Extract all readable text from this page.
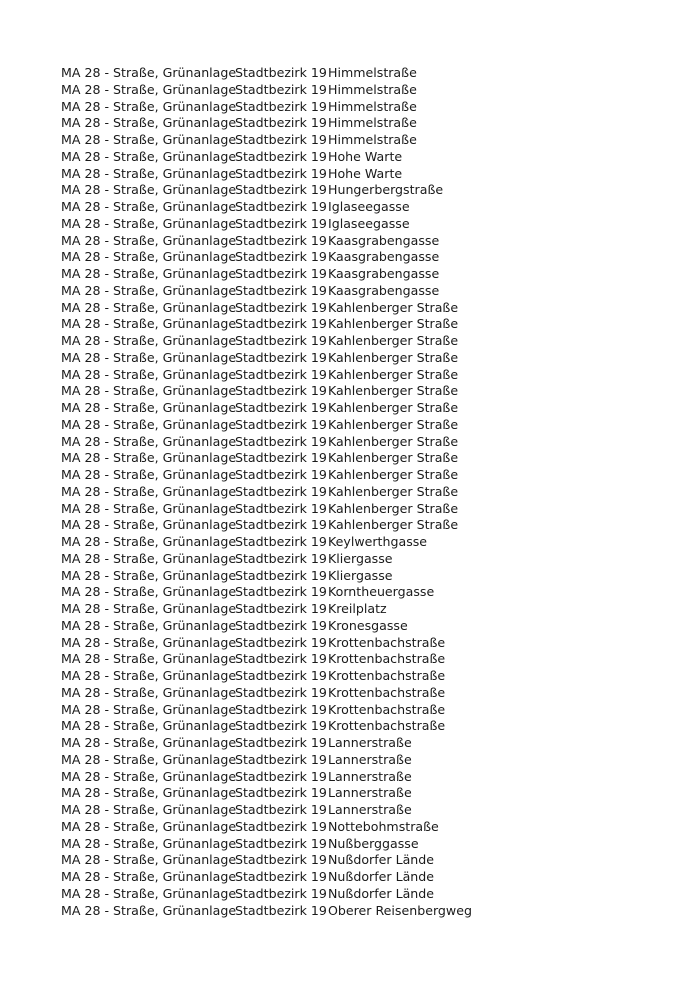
MA 28 - Straße, Grünanlage
Stadtbezirk 19 Himmelstraße
MA 28 - Straße, Grünanlage
Stadtbezirk 19 Himmelstraße
MA 28 - Straße, Grünanlage
Stadtbezirk 19 Himmelstraße
MA 28 - Straße, Grünanlage
Stadtbezirk 19 Himmelstraße
MA 28 - Straße, Grünanlage
Stadtbezirk 19 Himmelstraße
MA 28 - Straße, Grünanlage
Stadtbezirk 19 Hohe Warte
MA 28 - Straße, Grünanlage
Stadtbezirk 19 Hohe Warte
MA 28 - Straße, Grünanlage
Stadtbezirk 19 Hungerbergstraße
MA 28 - Straße, Grünanlage
Stadtbezirk 19 Iglaseegasse
MA 28 - Straße, Grünanlage
Stadtbezirk 19 Iglaseegasse
MA 28 - Straße, Grünanlage
Stadtbezirk 19 Kaasgrabengasse
MA 28 - Straße, Grünanlage
Stadtbezirk 19 Kaasgrabengasse
MA 28 - Straße, Grünanlage
Stadtbezirk 19 Kaasgrabengasse
MA 28 - Straße, Grünanlage
Stadtbezirk 19 Kaasgrabengasse
MA 28 - Straße, Grünanlage
Stadtbezirk 19 Kahlenberger Straße
MA 28 - Straße, Grünanlage
Stadtbezirk 19 Kahlenberger Straße
MA 28 - Straße, Grünanlage
Stadtbezirk 19 Kahlenberger Straße
MA 28 - Straße, Grünanlage
Stadtbezirk 19 Kahlenberger Straße
MA 28 - Straße, Grünanlage
Stadtbezirk 19 Kahlenberger Straße
MA 28 - Straße, Grünanlage
Stadtbezirk 19 Kahlenberger Straße
MA 28 - Straße, Grünanlage
Stadtbezirk 19 Kahlenberger Straße
MA 28 - Straße, Grünanlage
Stadtbezirk 19 Kahlenberger Straße
MA 28 - Straße, Grünanlage
Stadtbezirk 19 Kahlenberger Straße
MA 28 - Straße, Grünanlage
Stadtbezirk 19 Kahlenberger Straße
MA 28 - Straße, Grünanlage
Stadtbezirk 19 Kahlenberger Straße
MA 28 - Straße, Grünanlage
Stadtbezirk 19 Kahlenberger Straße
MA 28 - Straße, Grünanlage
Stadtbezirk 19 Kahlenberger Straße
MA 28 - Straße, Grünanlage
Stadtbezirk 19 Kahlenberger Straße
MA 28 - Straße, Grünanlage
Stadtbezirk 19 Keylwerthgasse
MA 28 - Straße, Grünanlage
Stadtbezirk 19 Kliergasse
MA 28 - Straße, Grünanlage
Stadtbezirk 19 Kliergasse
MA 28 - Straße, Grünanlage
Stadtbezirk 19 Korntheuergasse
MA 28 - Straße, Grünanlage
Stadtbezirk 19 Kreilplatz
MA 28 - Straße, Grünanlage
Stadtbezirk 19 Kronesgasse
MA 28 - Straße, Grünanlage
Stadtbezirk 19 Krottenbachstraße
MA 28 - Straße, Grünanlage
Stadtbezirk 19 Krottenbachstraße
MA 28 - Straße, Grünanlage
Stadtbezirk 19 Krottenbachstraße
MA 28 - Straße, Grünanlage
Stadtbezirk 19 Krottenbachstraße
MA 28 - Straße, Grünanlage
Stadtbezirk 19 Krottenbachstraße
MA 28 - Straße, Grünanlage
Stadtbezirk 19 Krottenbachstraße
MA 28 - Straße, Grünanlage
Stadtbezirk 19 Lannerstraße
MA 28 - Straße, Grünanlage
Stadtbezirk 19 Lannerstraße
MA 28 - Straße, Grünanlage
Stadtbezirk 19 Lannerstraße
MA 28 - Straße, Grünanlage
Stadtbezirk 19 Lannerstraße
MA 28 - Straße, Grünanlage
Stadtbezirk 19 Lannerstraße
MA 28 - Straße, Grünanlage
Stadtbezirk 19 Nottebohmstraße
MA 28 - Straße, Grünanlage
Stadtbezirk 19 Nußberggasse
MA 28 - Straße, Grünanlage
Stadtbezirk 19 Nußdorfer Lände
MA 28 - Straße, Grünanlage
Stadtbezirk 19 Nußdorfer Lände
MA 28 - Straße, Grünanlage
Stadtbezirk 19 Nußdorfer Lände
MA 28 - Straße, Grünanlage
Stadtbezirk 19 Oberer Reisenbergweg
